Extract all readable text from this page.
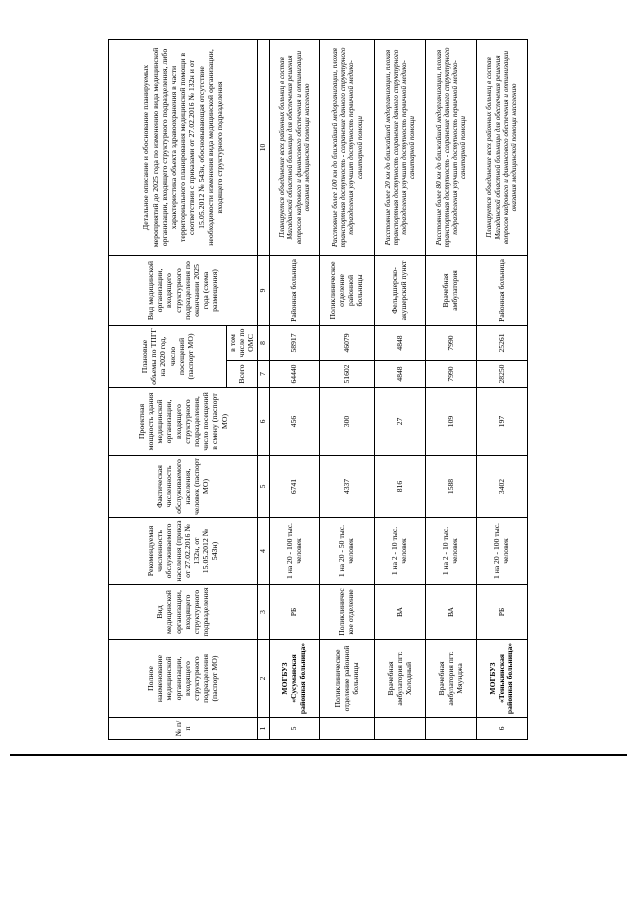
№ п/п	Полное наименование медицинской организации, входящего структурного подразделения (паспорт МО)	Вид медицинской организации, входящего структурного подразделения	Рекомендуемая численность обслуживаемого населения (приказ от 27.02.2016 № 132н, от 15.05.2012 № 543н)	Фактическая численность обслуживаемого населения, человек (паспорт МО)	Проектная мощность здания медицинской организации, входящего структурного подразделения, число посещений в смену (паспорт МО)	Плановые объемы по ТПГГ на 2020 год, число посещений (паспорт МО)		Вид медицинской организации, входящего структурного подразделения по окончании 2025 года (схема размещения)	Детальное описание и обоснование планируемых мероприятий до 2025 года по изменению вида медицинской организации, входящего структурного подразделения, либо характеристика объекта здравоохранения в части территориального планирования медицинской помощи в соответствии с приказами от 27.02.2016 № 132н и от 15.05.2012 № 543н, обосновывающая отсутствие необходимости изменения вида медицинской организации, входящего структурного подразделения
						Всего	в том числе по ОМС		
1	2	3	4	5	6	7	8	9	10
5	МОГБУЗ «Сусуманская районная больница»	РБ	1 на 20 - 100 тыс. человек	6741	456	64440	58917	Районная больница	Планируется объединение всех районных больниц в состав Магаданской областной больницы для обеспечения решения вопросов кадрового и финансового обеспечения и оптимизации оказания медицинской помощи населению
	Поликлиническое отделение районной больницы	Поликлиническое отделение	1 на 20 - 50 тыс. человек	4337	300	51602	46079	Поликлиническое отделение районной больницы	Расстояние более 100 км до ближайшей медорганизации, плохая транспортная доступность - сохранение данного структурного подразделения улучшит доступность первичной медико-санитарной помощи
	Врачебная амбулатория пгт. Холодный	ВА	1 на 2 - 10 тыс. человек	816	27	4848	4848	Фельдшерско-акушерский пункт	Расстояние более 20 км до ближайшей медорганизации, плохая транспортная доступность сохранение данного структурного подразделения улучшит доступность первичной медико-санитарной помощи
	Врачебная амбулатория пгт. Мяунджа	ВА	1 на 2 - 10 тыс. человек	1588	109	7990	7990	Врачебная амбулатория	Расстояние более 80 км до ближайшей медорганизации, плохая транспортная доступность - сохранение данного структурного подразделения улучшит доступность первичной медико-санитарной помощи
6	МОГБУЗ «Тенькинская районная больница»	РБ	1 на 20 - 100 тыс. человек	3402	197	28250	25261	Районная больница	Планируется объединение всех районных больниц в состав Магаданской областной больницы для обеспечения решения вопросов кадрового и финансового обеспечения и оптимизации оказания медицинской помощи населению
